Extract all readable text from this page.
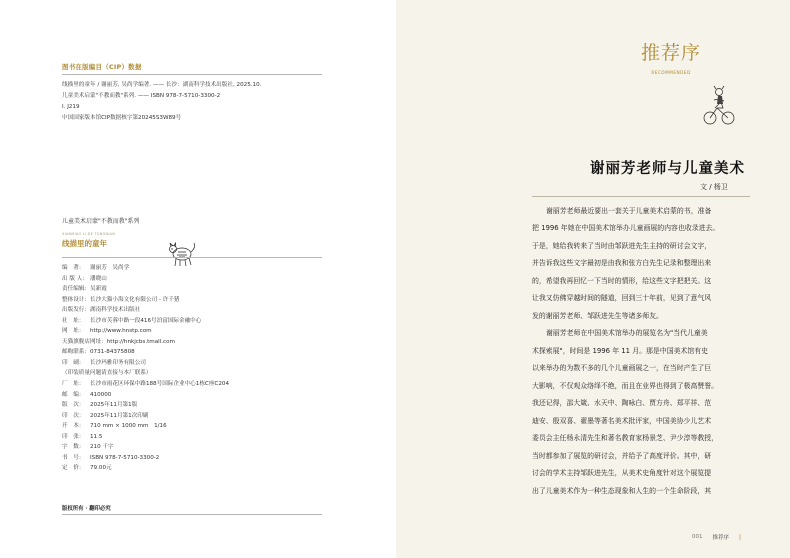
图书在版编目（CIP）数据
线描里的童年 / 谢丽芳, 吴尚学编著. —— 长沙：湖南科学技术出版社, 2025.10.
儿童美术启蒙"不教而教"系列. —— ISBN 978-7-5710-3300-2
Ⅰ. J219
中国国家版本馆CIP数据核字第20245S3W89号
儿童美术启蒙"不教而教"系列
XIANMIAO LI DE TONGNIAN
线描里的童年
编　著：	谢丽芳　吴尚学
出 版 人： 潘晓山
责任编辑： 吴新霞
整体设计： 长沙大猫小海文化有限公司 - 许千猪
出版发行： 湖南科学技术出版社
社　址：	长沙市芙蓉中路一段416号泊富国际金融中心
网　址：	http://www.hnstp.com
天猫旗舰店网址： http://hnkjcbs.tmall.com
邮购联系： 0731-84375808
印　刷：	长沙玛雅印务有限公司
（印装质量问题请直接与本厂联系）
厂　址：	长沙市雨花区环保中路188号国际企业中心1栋C座C204
邮　编：	410000
版　次：	2025年11月第1版
印　次：	2025年11月第1次印刷
开　本：	710 mm × 1000 mm　1/16
印　张：	11.5
字　数：	210 千字
书　号：	ISBN 978-7-5710-3300-2
定　价：	79.00元
版权所有 · 翻印必究
推荐序
RECOMMENDED
谢丽芳老师与儿童美术
文 / 杨卫
谢丽芳老师最近要出一套关于儿童美术启蒙的书，准备
把 1996 年她在中国美术馆举办儿童画展的内容也收录进去。
于是，她给我转来了当时由邹跃进先生主持的研讨会文字，
并告诉我这些文字最初是由我和张方白先生记录和整理出来
的，希望我再回忆一下当时的情形，给这些文字把把关。这
让我又仿佛穿越时间的隧道，回到三十年前，见到了意气风
发的谢丽芳老师、邹跃进先生等诸多师友。
谢丽芳老师在中国美术馆举办的展览名为"当代儿童美
术探索展"，时间是 1996 年 11 月。那是中国美术馆有史
以来举办的为数不多的几个儿童画展之一，在当时产生了巨
大影响，不仅观众络绎不绝，而且在业界也得到了极高赞誉。
我还记得，邵大箴、水天中、陶咏白、贾方舟、郑平祥、范
迪安、殷双喜、翟墨等著名美术批评家，中国美协少儿艺术
委员会主任杨永清先生和著名教育家杨景芝、尹少淳等教授，
当时都参加了展览的研讨会，并给予了高度评价。其中，研
讨会的学术主持邹跃进先生，从美术史角度针对这个展览提
出了儿童美术作为一种生态现象和人生的一个生命阶段，其
001 推荐序 |
